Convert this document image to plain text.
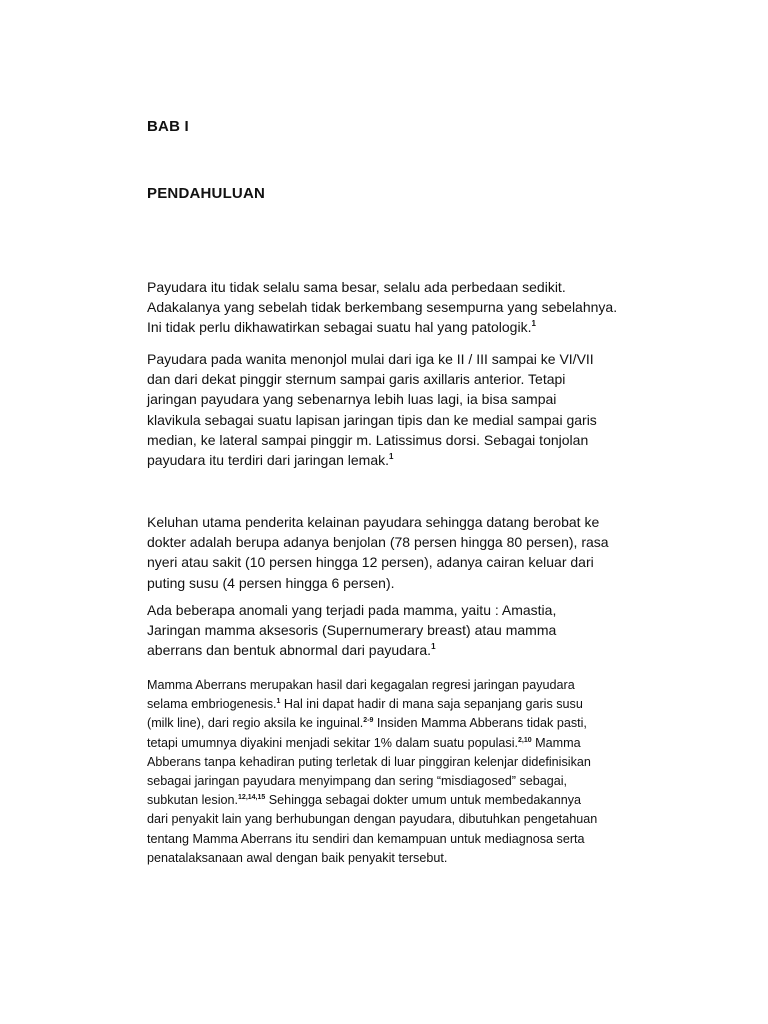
BAB I
PENDAHULUAN

Payudara itu tidak selalu sama besar, selalu ada perbedaan sedikit.
Adakalanya yang sebelah tidak berkembang sesempurna yang sebelahnya.
Ini tidak perlu dikhawatirkan sebagai suatu hal yang patologik.$^1$

Payudara pada wanita menonjol mulai dari iga ke II / III sampai ke VI/VII
dan dari dekat pinggir sternum sampai garis axillaris anterior. Tetapi
jaringan payudara yang sebenarnya lebih luas lagi, ia bisa sampai
klavikula sebagai suatu lapisan jaringan tipis dan ke medial sampai garis
median, ke lateral sampai pinggir m. Latissimus dorsi. Sebagai tonjolan
payudara itu terdiri dari jaringan lemak.$^1$

Keluhan utama penderita kelainan payudara sehingga datang berobat ke
dokter adalah berupa adanya benjolan (78 persen hingga 80 persen), rasa
nyeri atau sakit (10 persen hingga 12 persen), adanya cairan keluar dari
puting susu (4 persen hingga 6 persen).

Ada beberapa anomali yang terjadi pada mamma, yaitu : Amastia,
Jaringan mamma aksesoris (Supernumerary breast) atau mamma
aberrans dan bentuk abnormal dari payudara.$^1$

Mamma Aberrans merupakan hasil dari kegagalan regresi jaringan payudara
selama embriogenesis.$^1$ Hal ini dapat hadir di mana saja sepanjang garis susu
(milk line), dari regio aksila ke inguinal.$^{2-9}$ Insiden Mamma Abberans tidak pasti,
tetapi umumnya diyakini menjadi sekitar 1% dalam suatu populasi.$^{2,10}$ Mamma
Abberans tanpa kehadiran puting terletak di luar pinggiran kelenjar didefinisikan
sebagai jaringan payudara menyimpang dan sering “misdiagosed” sebagai,
subkutan lesion.$^{12,14,15}$ Sehingga sebagai dokter umum untuk membedakannya
dari penyakit lain yang berhubungan dengan payudara, dibutuhkan pengetahuan
tentang Mamma Aberrans itu sendiri dan kemampuan untuk mediagnosa serta
penatalaksanaan awal dengan baik penyakit tersebut.
